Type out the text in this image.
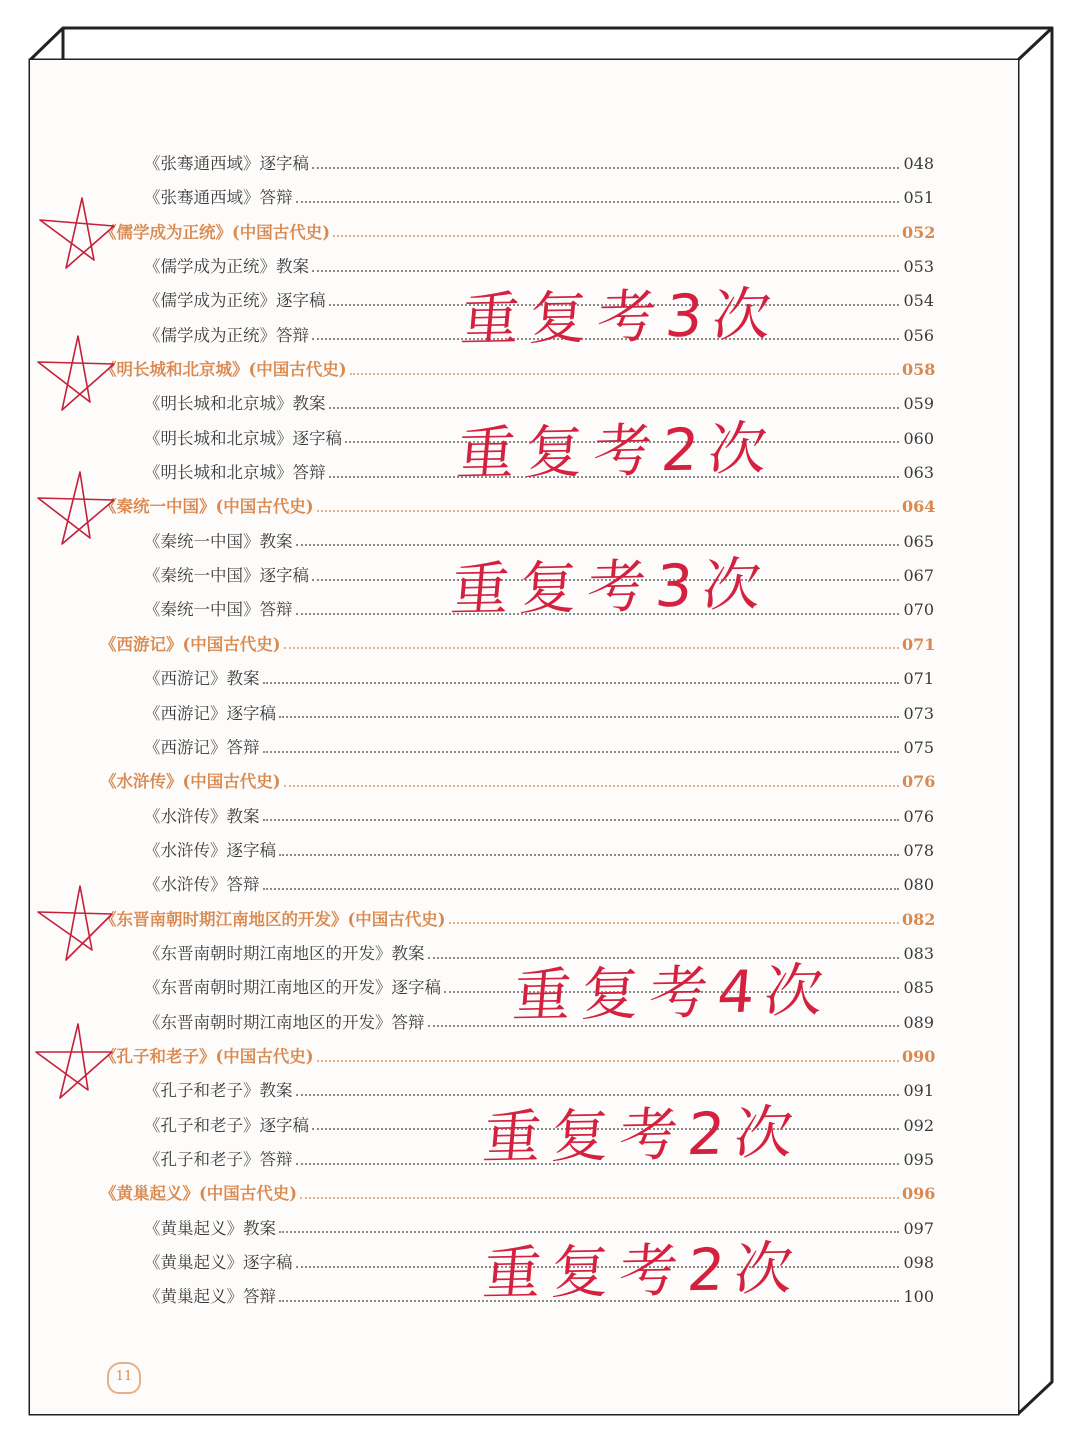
《张骞通西域》逐字稿	048
《张骞通西域》答辩	051
《儒学成为正统》(中国古代史)	052
《儒学成为正统》教案	053
《儒学成为正统》逐字稿	054
《儒学成为正统》答辩	056
《明长城和北京城》(中国古代史)	058
《明长城和北京城》教案	059
《明长城和北京城》逐字稿	060
《明长城和北京城》答辩	063
《秦统一中国》(中国古代史)	064
《秦统一中国》教案	065
《秦统一中国》逐字稿	067
《秦统一中国》答辩	070
《西游记》(中国古代史)	071
《西游记》教案	071
《西游记》逐字稿	073
《西游记》答辩	075
《水浒传》(中国古代史)	076
《水浒传》教案	076
《水浒传》逐字稿	078
《水浒传》答辩	080
《东晋南朝时期江南地区的开发》(中国古代史)	082
《东晋南朝时期江南地区的开发》教案	083
《东晋南朝时期江南地区的开发》逐字稿	085
《东晋南朝时期江南地区的开发》答辩	089
《孔子和老子》(中国古代史)	090
《孔子和老子》教案	091
《孔子和老子》逐字稿	092
《孔子和老子》答辩	095
《黄巢起义》(中国古代史)	096
《黄巢起义》教案	097
《黄巢起义》逐字稿	098
《黄巢起义》答辩	100
重复考3次
重复考2次
重复考3次
重复考4次
重复考2次
重复考2次
11
